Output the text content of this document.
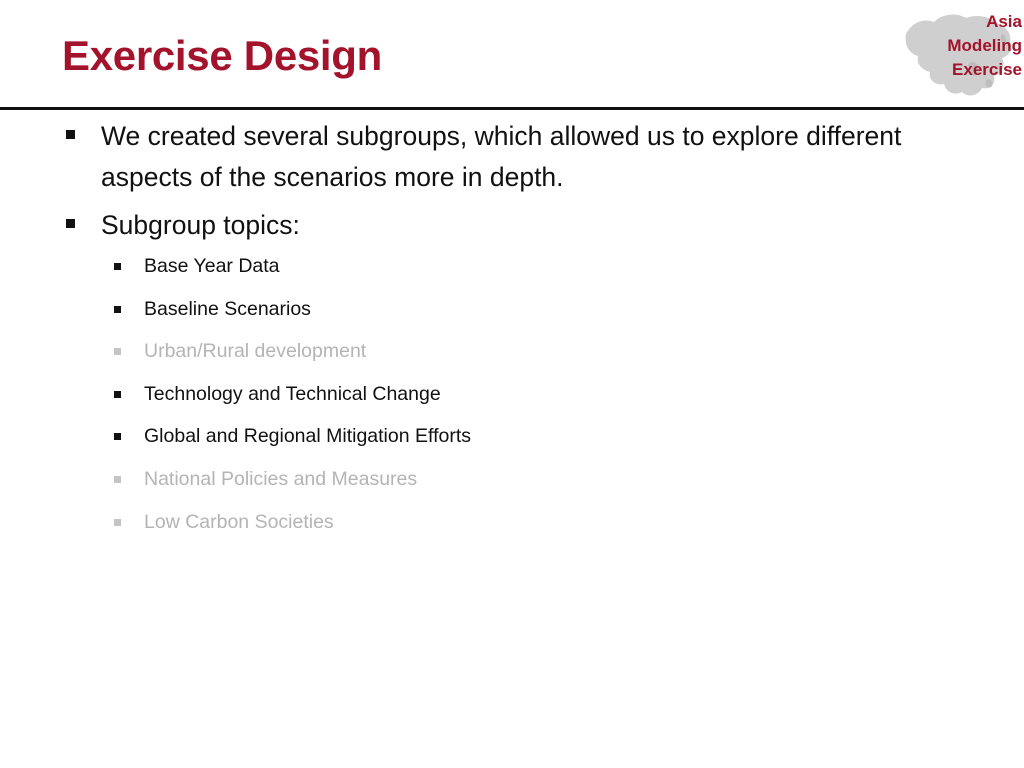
Exercise Design
Asia
Modeling
Exercise
We created several subgroups, which allowed us to explore different aspects of the scenarios more in depth.
Subgroup topics:
Base Year Data
Baseline Scenarios
Urban/Rural development
Technology and Technical Change
Global and Regional Mitigation Efforts
National Policies and Measures
Low Carbon Societies
